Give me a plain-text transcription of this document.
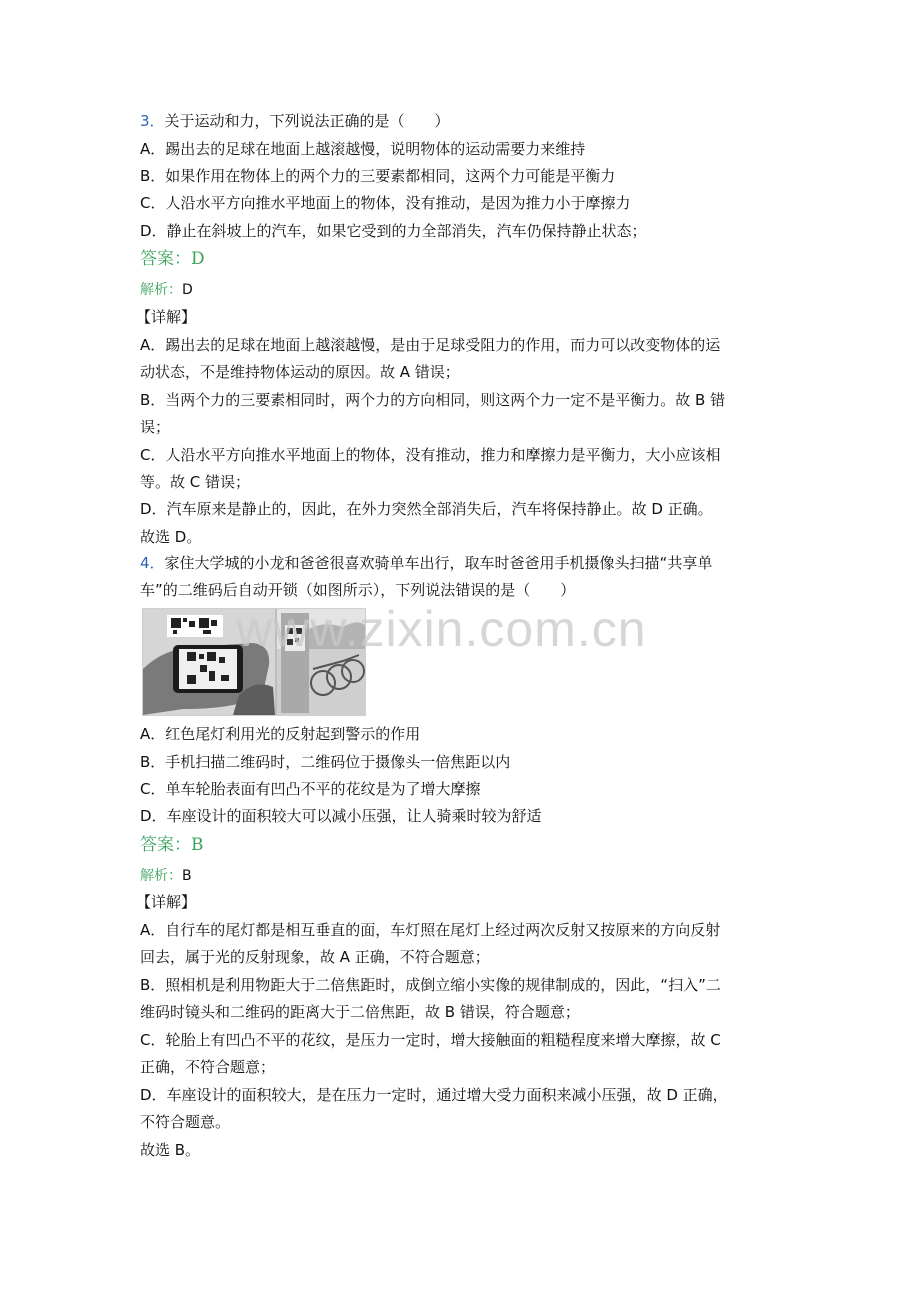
3．关于运动和力，下列说法正确的是（　　）
A．踢出去的足球在地面上越滚越慢，说明物体的运动需要力来维持
B．如果作用在物体上的两个力的三要素都相同，这两个力可能是平衡力
C．人沿水平方向推水平地面上的物体，没有推动，是因为推力小于摩擦力
D．静止在斜坡上的汽车，如果它受到的力全部消失，汽车仍保持静止状态；
答案：D
解析：D
【详解】
A．踢出去的足球在地面上越滚越慢，是由于足球受阻力的作用，而力可以改变物体的运
动状态，不是维持物体运动的原因。故 A 错误；
B．当两个力的三要素相同时，两个力的方向相同，则这两个力一定不是平衡力。故 B 错
误；
C．人沿水平方向推水平地面上的物体，没有推动，推力和摩擦力是平衡力，大小应该相
等。故 C 错误；
D．汽车原来是静止的，因此，在外力突然全部消失后，汽车将保持静止。故 D 正确。
故选 D。
4．家住大学城的小龙和爸爸很喜欢骑单车出行，取车时爸爸用手机摄像头扫描“共享单
车”的二维码后自动开锁（如图所示），下列说法错误的是（　　）
www.zixin.com.cn
A．红色尾灯利用光的反射起到警示的作用
B．手机扫描二维码时，二维码位于摄像头一倍焦距以内
C．单车轮胎表面有凹凸不平的花纹是为了增大摩擦
D．车座设计的面积较大可以减小压强，让人骑乘时较为舒适
答案：B
解析：B
【详解】
A．自行车的尾灯都是相互垂直的面，车灯照在尾灯上经过两次反射又按原来的方向反射
回去，属于光的反射现象，故 A 正确，不符合题意；
B．照相机是利用物距大于二倍焦距时，成倒立缩小实像的规律制成的，因此，“扫入”二
维码时镜头和二维码的距离大于二倍焦距，故 B 错误，符合题意；
C．轮胎上有凹凸不平的花纹，是压力一定时，增大接触面的粗糙程度来增大摩擦，故 C
正确，不符合题意；
D．车座设计的面积较大，是在压力一定时，通过增大受力面积来减小压强，故 D 正确，
不符合题意。
故选 B。
